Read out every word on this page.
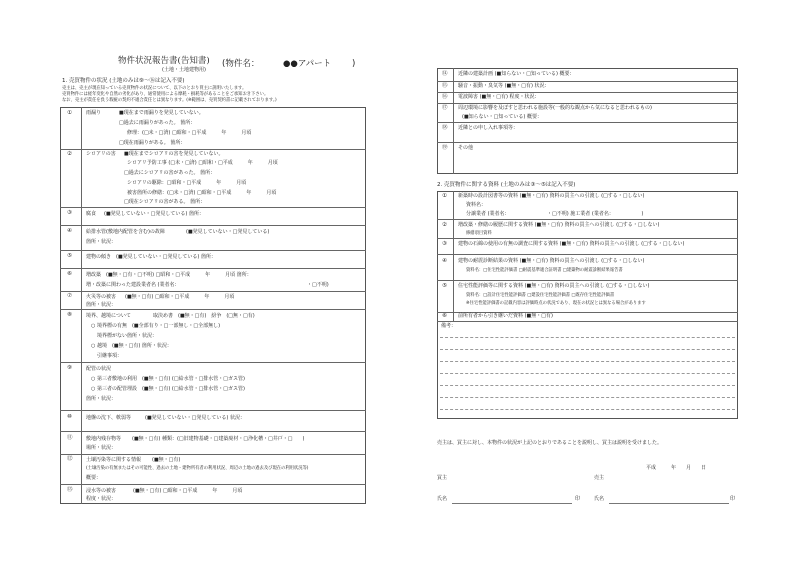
物件状況報告書(告知書)
(土地・土地建物用)
(物件名：	●●アパート )
1. 売買物件の状況 (土地のみは⑨～⑯は記入不要)
売主は、売主が現在知っている売買物件の状況について、以下のとおり買主に説明いたします。
売買物件には経年変化や自然の劣化があり、通常使用による摩耗・損耗等があることをご承知おき下さい。
なお、売主が責任を負う瑕疵の契約不適合責任とは異なります。(※範囲は、売買契約書に記載されております。)
①	雨漏り	■現在まで雨漏りを発見していない。
□過去に雨漏りがあった。 箇所：
修理：(□未・□済) □昭和・□平成　　　年　　　月頃
□現在雨漏りがある。 箇所：
②	シロアリの害 ■現在までシロアリの害を発見していない。
シロアリ予防工事 (□未・□済) □昭和・□平成　　　年　　　月頃
□過去にシロアリの害があった。 箇所：
シロアリの駆除：□昭和・□平成　　　年　　　月頃
被害箇所の修繕：(□未・□済) □昭和・□平成　　　年　　　月頃
□現在シロアリの害がある。 箇所：
③	腐食 (■発見していない・□発見している) 箇所：
④	給排水管(敷地内配管を含む)の故障	(■発見していない・□発見している)
箇所・状況：
⑤	建物の傾き (■発見していない・□発見している) 箇所：
⑥	増改築 (■無・□有・□不明) □昭和・□平成　　　年　　　月頃 箇所：
増・改築に関わった建設業者名 (業者名：　　　　　　　　　　　　　　　　　　　　　　　　　　・□不明)
⑦	火災等の被害 (■無・□有) □昭和・□平成　　　年　　　月頃
箇所・状況：
⑧	境界、越境について	取決め書　(■無・□有)　紛争　(□無・□有)
○ 境界標の有無　(■全部有り・□一部無し・□全部無し)
境界標がない箇所・状況：
○ 越境　(■無・□有) 箇所・状況：
引継事項：
⑨	配管の状況
○ 第三者敷地の利用　(■無・□有) (□給水管・□排水管・□ガス管)
○ 第三者の配管埋設　(■無・□有) (□給水管・□排水管・□ガス管)
箇所・状況：
⑩	地盤の沈下、軟弱等	(■発見していない・□発見している) 状況：
⑪	敷地内残存物等 (■無・□有) 種類：(□旧建物基礎・□建築廃材・□浄化槽・□井戸・□　　)
場所・状況：
⑫	土壌汚染等に関する情報 (■無・□有)
(土壌汚染の有無またはその可能性、過去の土地・建物所有者の利用状況、周辺の土地の過去及び現在の利用状況等)
概要：
⑬	浸水等の被害	(■無・□有) □昭和・□平成　　　年　　　月頃
程度・状況：
⑭ 近隣の建築計画 (■知らない・□知っている) 概要：
⑮ 騒音・振動・臭気等 (■無・□有) 状況：
⑯ 電波障害 (■無・□有) 程度・状況：
⑰ 周辺環境に影響を及ぼすと思われる施設等(一般的な観点から気になると思われるもの)
(■知らない・□知っている) 概要：
⑱ 近隣との申し入れ事項等：
⑲ その他
2. 売買物件に関する資料 (土地のみは③～⑤は記入不要)
① 新築時の設計図書等の資料 (■無・□有) 資料の買主への引渡し (□する・□しない)
資料名：
分譲業者 (業者名：　　　　　　　　・□不明) 施工業者 (業者名：　　　　　　)
② 増改築・修繕の履歴に関する資料 (■無・□有) 資料の買主への引渡し (□する・□しない)
修繕項目資料
③ 建物の石綿の使用の有無の調査に関する資料 (■無・□有) 資料の買主への引渡し (□する・□しない)
④ 建物の耐震診断結果の資料 (■無・□有) 資料の買主への引渡し (□する・□しない)
資料名：□住宅性能評価書 □耐震基準適合証明書 □建築物の耐震診断結果報告書
⑤ 住宅性能評価等に関する資料 (■無・□有) 資料の買主への引渡し (□する・□しない)
資料名：□設計住宅性能評価書 □建設住宅性能評価書 □既存住宅性能評価書
※住宅性能評価書の記載内容は評価時点の状況であり、現在の状況とは異なる場合があります
⑥ 前所有者から引き継いだ資料 (■無・□有)
備考：
売主は、買主に対し、本物件の状況が上記のとおりであることを説明し、買主は説明を受けました。
平成　　　年　　月　　日
買主	売主
氏名	印	氏名	印
